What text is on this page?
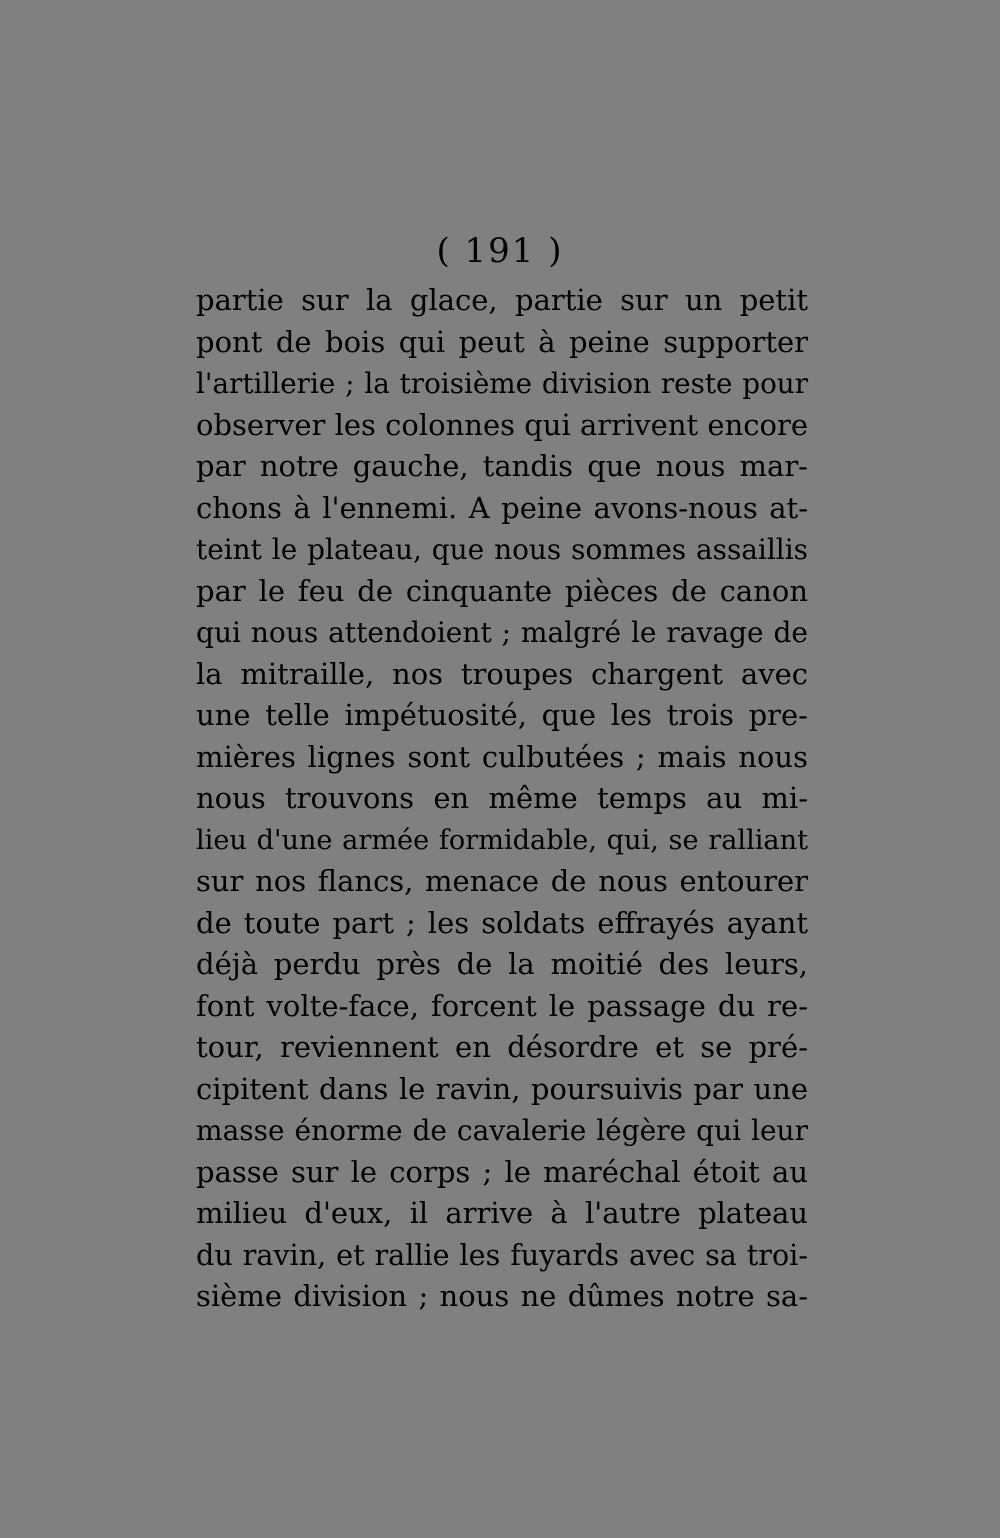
( 191 )
partie sur la glace, partie sur un petit
pont de bois qui peut à peine supporter
l'artillerie ; la troisième division reste pour
observer les colonnes qui arrivent encore
par notre gauche, tandis que nous mar-
chons à l'ennemi. A peine avons-nous at-
teint le plateau, que nous sommes assaillis
par le feu de cinquante pièces de canon
qui nous attendoient ; malgré le ravage de
la mitraille, nos troupes chargent avec
une telle impétuosité, que les trois pre-
mières lignes sont culbutées ; mais nous
nous trouvons en même temps au mi-
lieu d'une armée formidable, qui, se ralliant
sur nos flancs, menace de nous entourer
de toute part ; les soldats effrayés ayant
déjà perdu près de la moitié des leurs,
font volte-face, forcent le passage du re-
tour, reviennent en désordre et se pré-
cipitent dans le ravin, poursuivis par une
masse énorme de cavalerie légère qui leur
passe sur le corps ; le maréchal étoit au
milieu d'eux, il arrive à l'autre plateau
du ravin, et rallie les fuyards avec sa troi-
sième division ; nous ne dûmes notre sa-
